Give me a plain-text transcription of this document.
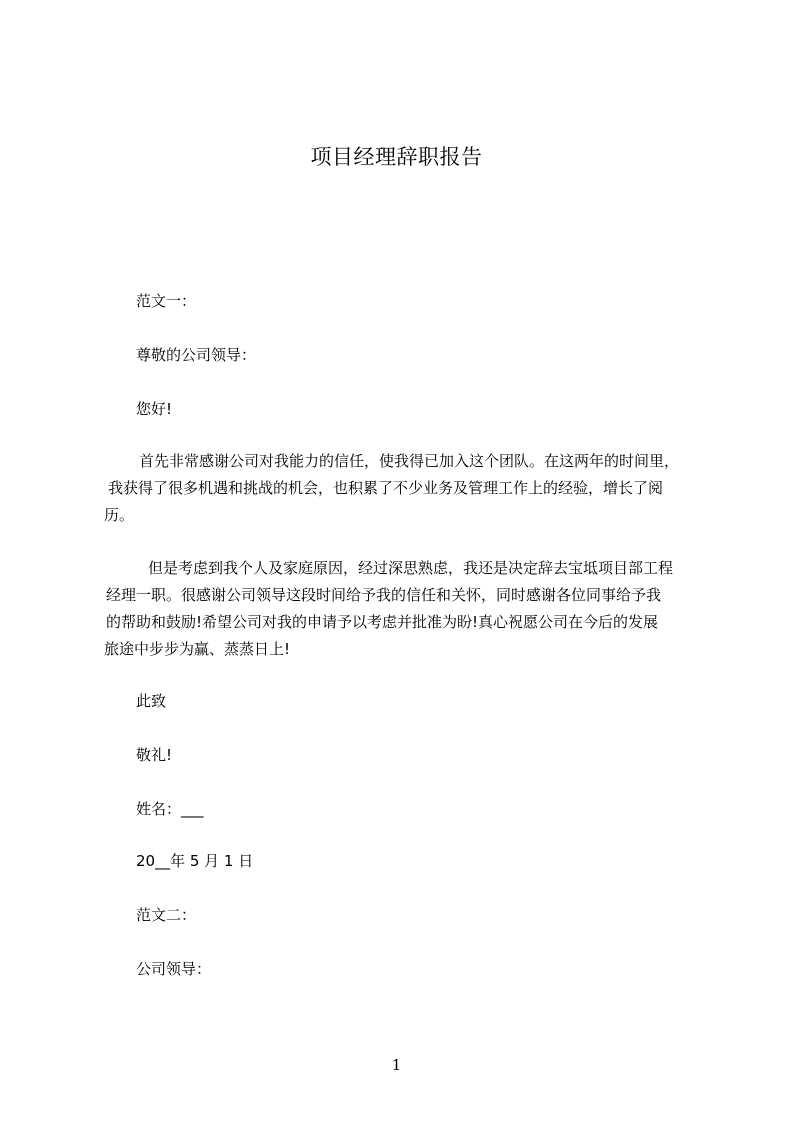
项目经理辞职报告
范文一：
尊敬的公司领导：
您好!
首先非常感谢公司对我能力的信任，使我得已加入这个团队。在这两年的时间里，
我获得了很多机遇和挑战的机会，也积累了不少业务及管理工作上的经验，增长了阅
历。
但是考虑到我个人及家庭原因，经过深思熟虑，我还是决定辞去宝坻项目部工程
经理一职。很感谢公司领导这段时间给予我的信任和关怀，同时感谢各位同事给予我
的帮助和鼓励!希望公司对我的申请予以考虑并批准为盼!真心祝愿公司在今后的发展
旅途中步步为赢、蒸蒸日上!
此致
敬礼!
姓名：___
20__年 5 月 1 日
范文二：
公司领导：
1
